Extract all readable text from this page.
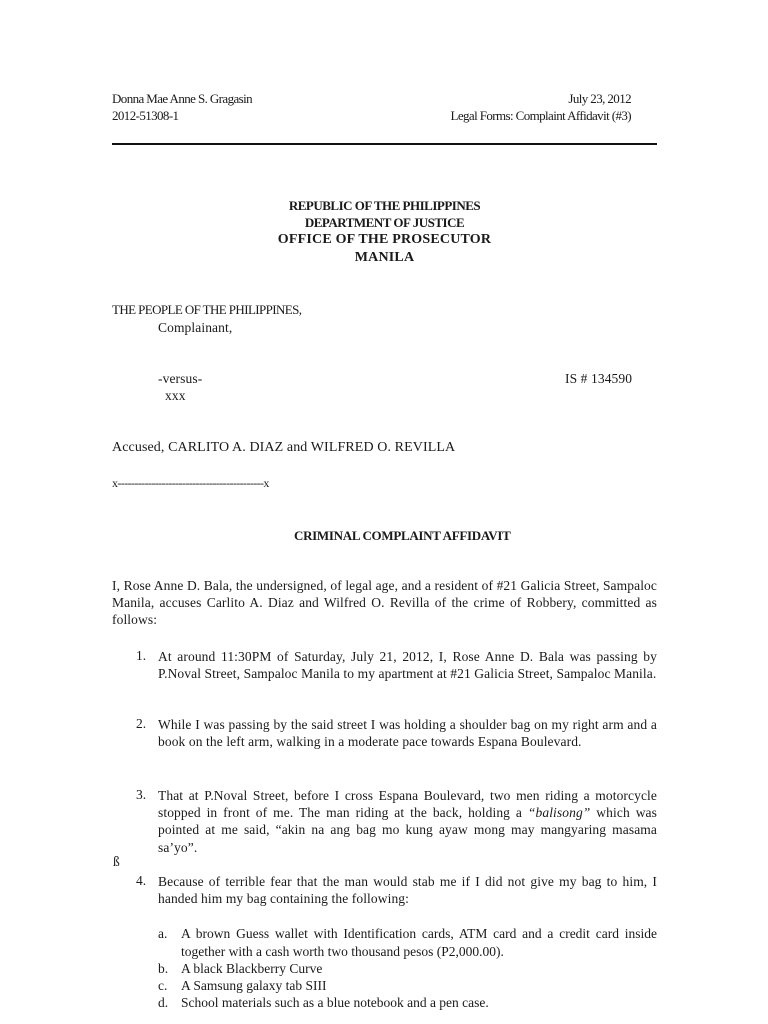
Donna Mae Anne S. Gragasin
2012-51308-1
July 23, 2012
Legal Forms: Complaint Affidavit (#3)
REPUBLIC OF THE PHILIPPINES
DEPARTMENT OF JUSTICE
OFFICE OF THE PROSECUTOR
MANILA
THE PEOPLE OF THE PHILIPPINES,
Complainant,
-versus-	IS # 134590
xxx
Accused, CARLITO A. DIAZ and WILFRED O. REVILLA
x-------------------------------------------x
CRIMINAL COMPLAINT AFFIDAVIT
I, Rose Anne D. Bala, the undersigned, of legal age, and a resident of #21 Galicia Street, Sampaloc Manila, accuses Carlito A. Diaz and Wilfred O. Revilla of the crime of Robbery, committed as follows:
1. At around 11:30PM of Saturday, July 21, 2012, I, Rose Anne D. Bala was passing by P.Noval Street, Sampaloc Manila to my apartment at #21 Galicia Street, Sampaloc Manila.
2. While I was passing by the said street I was holding a shoulder bag on my right arm and a book on the left arm, walking in a moderate pace towards Espana Boulevard.
3. That at P.Noval Street, before I cross Espana Boulevard, two men riding a motorcycle stopped in front of me. The man riding at the back, holding a “balisong” which was pointed at me said, “akin na ang bag mo kung ayaw mong may mangyaring masama sa’yo”.
ß
4. Because of terrible fear that the man would stab me if I did not give my bag to him, I handed him my bag containing the following:
a. A brown Guess wallet with Identification cards, ATM card and a credit card inside together with a cash worth two thousand pesos (P2,000.00).
b. A black Blackberry Curve
c. A Samsung galaxy tab SIII
d. School materials such as a blue notebook and a pen case.
